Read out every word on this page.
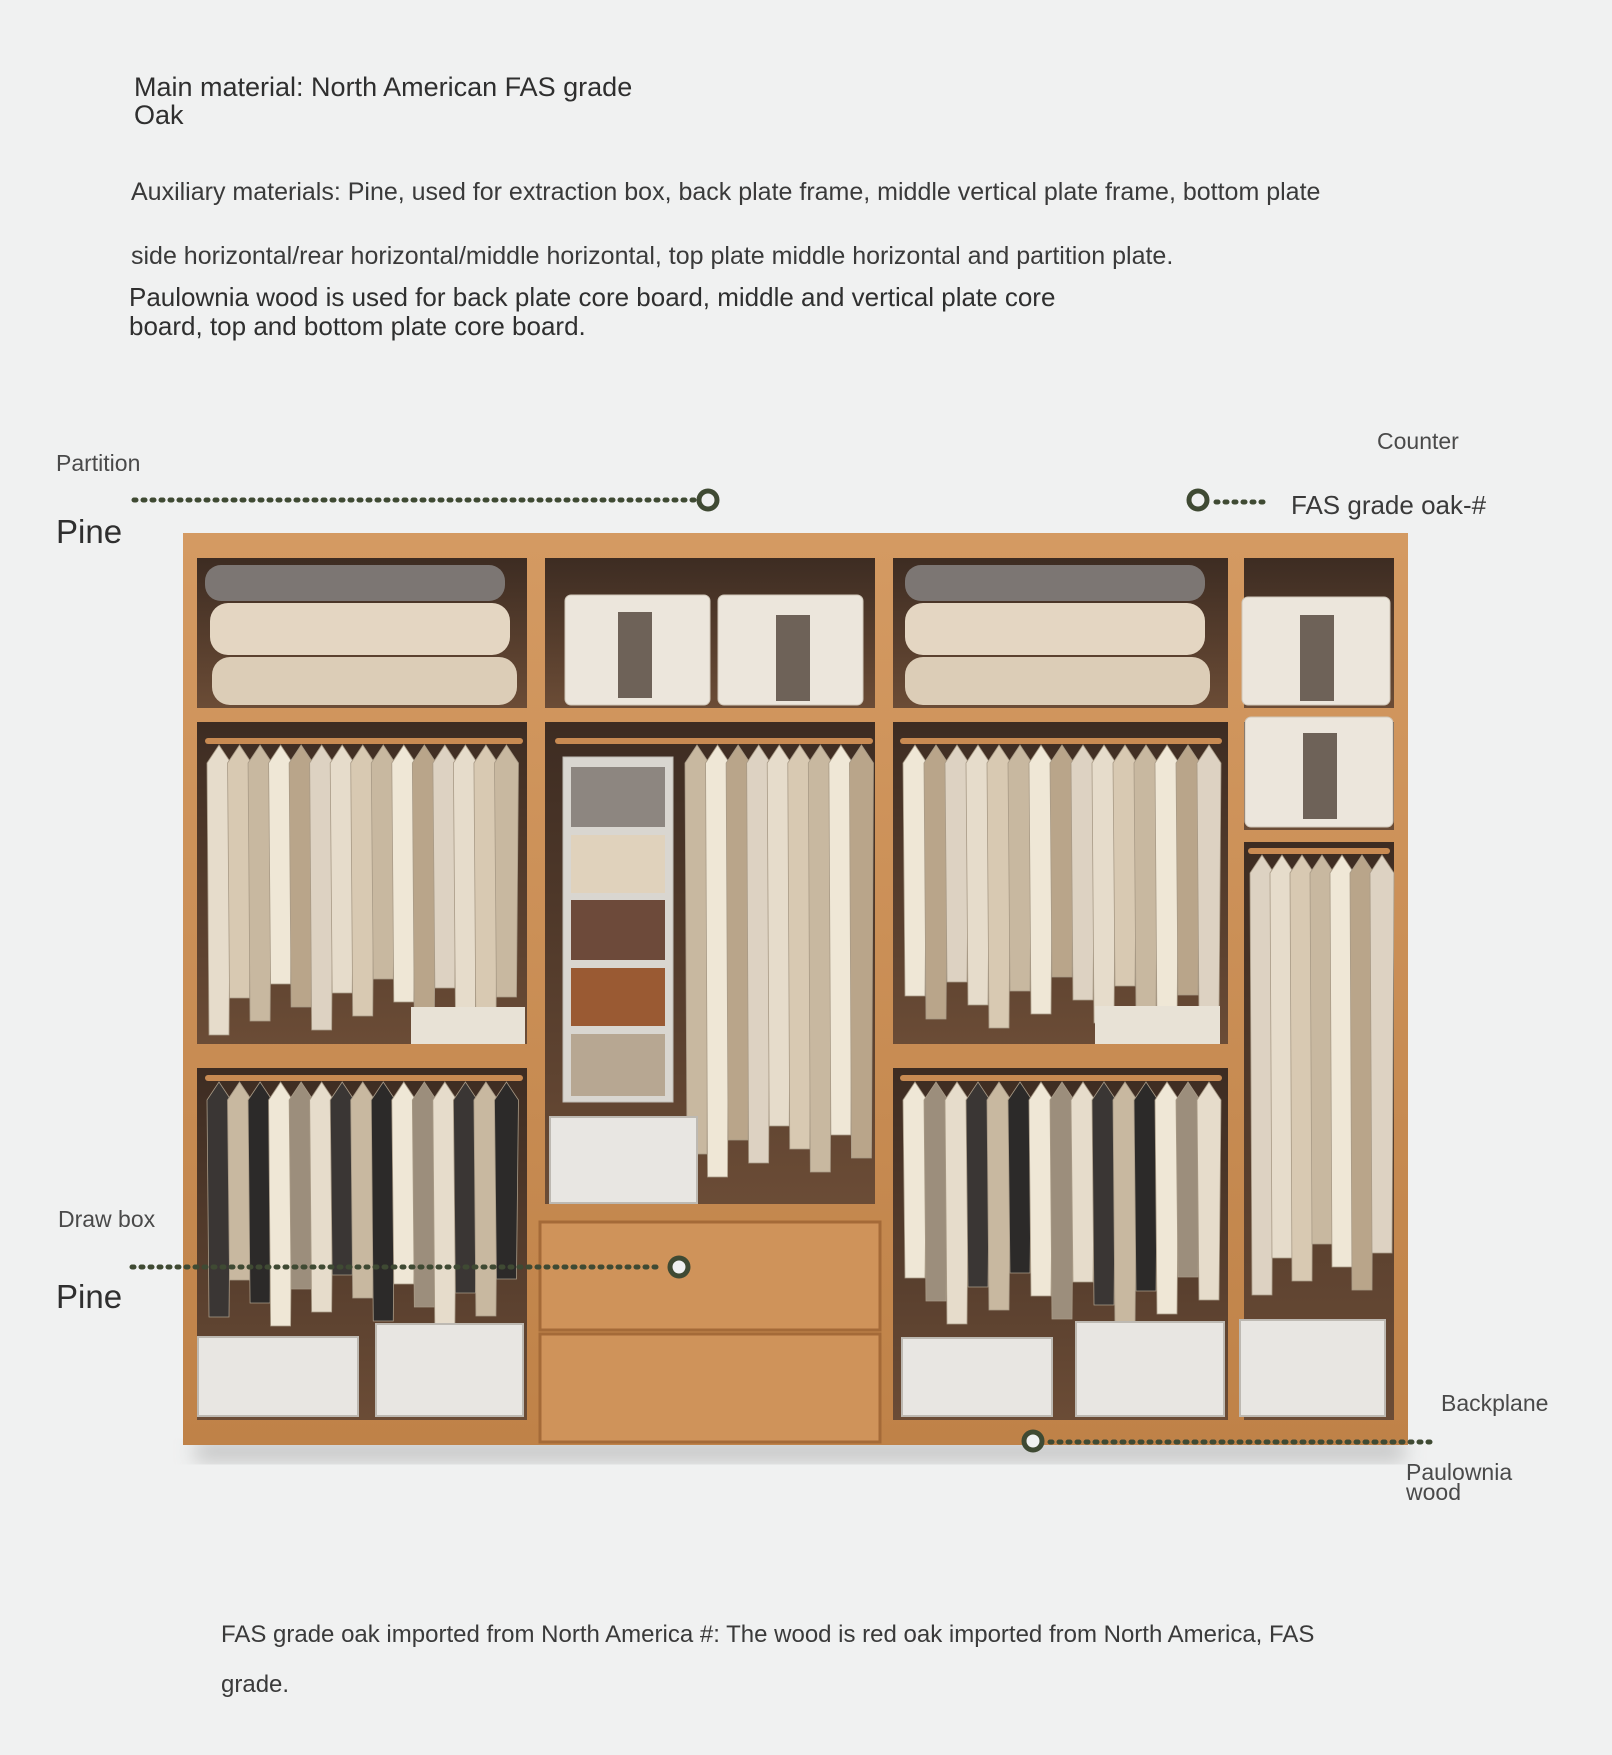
Main material: North American FAS grade
Oak
Auxiliary materials: Pine, used for extraction box, back plate frame, middle vertical plate frame, bottom plate
side horizontal/rear horizontal/middle horizontal, top plate middle horizontal and partition plate.
Paulownia wood is used for back plate core board, middle and vertical plate core
board, top and bottom plate core board.
Partition
Pine
Counter
FAS grade oak-#
Draw box
Pine
Backplane
Paulownia
wood
FAS grade oak imported from North America #: The wood is red oak imported from North America, FAS
grade.
